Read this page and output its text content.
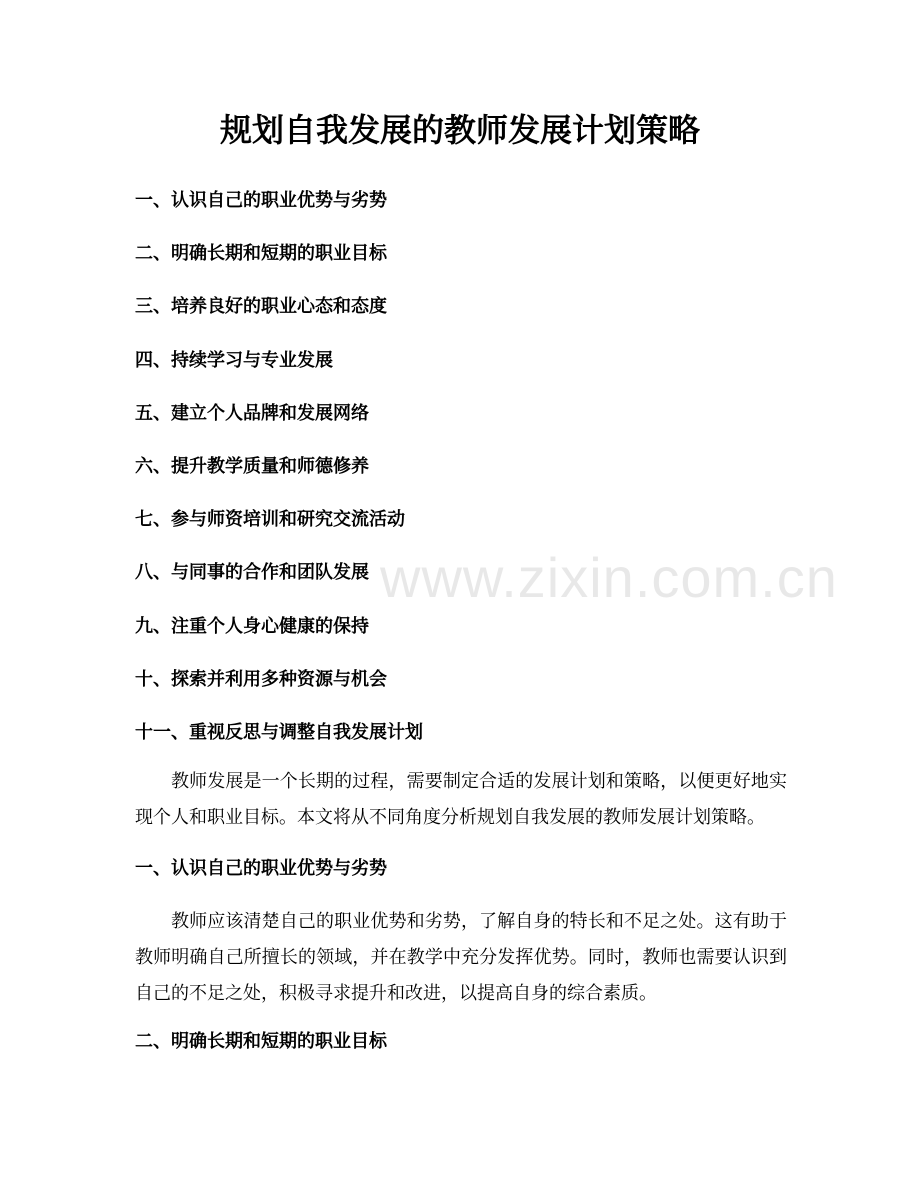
规划自我发展的教师发展计划策略
一、认识自己的职业优势与劣势
二、明确长期和短期的职业目标
三、培养良好的职业心态和态度
四、持续学习与专业发展
五、建立个人品牌和发展网络
六、提升教学质量和师德修养
七、参与师资培训和研究交流活动
八、与同事的合作和团队发展
九、注重个人身心健康的保持
十、探索并利用多种资源与机会
十一、重视反思与调整自我发展计划

教师发展是一个长期的过程，需要制定合适的发展计划和策略，以便更好地实现个人和职业目标。本文将从不同角度分析规划自我发展的教师发展计划策略。

一、认识自己的职业优势与劣势

教师应该清楚自己的职业优势和劣势，了解自身的特长和不足之处。这有助于教师明确自己所擅长的领域，并在教学中充分发挥优势。同时，教师也需要认识到自己的不足之处，积极寻求提升和改进，以提高自身的综合素质。

二、明确长期和短期的职业目标
www.zixin.com.cn
